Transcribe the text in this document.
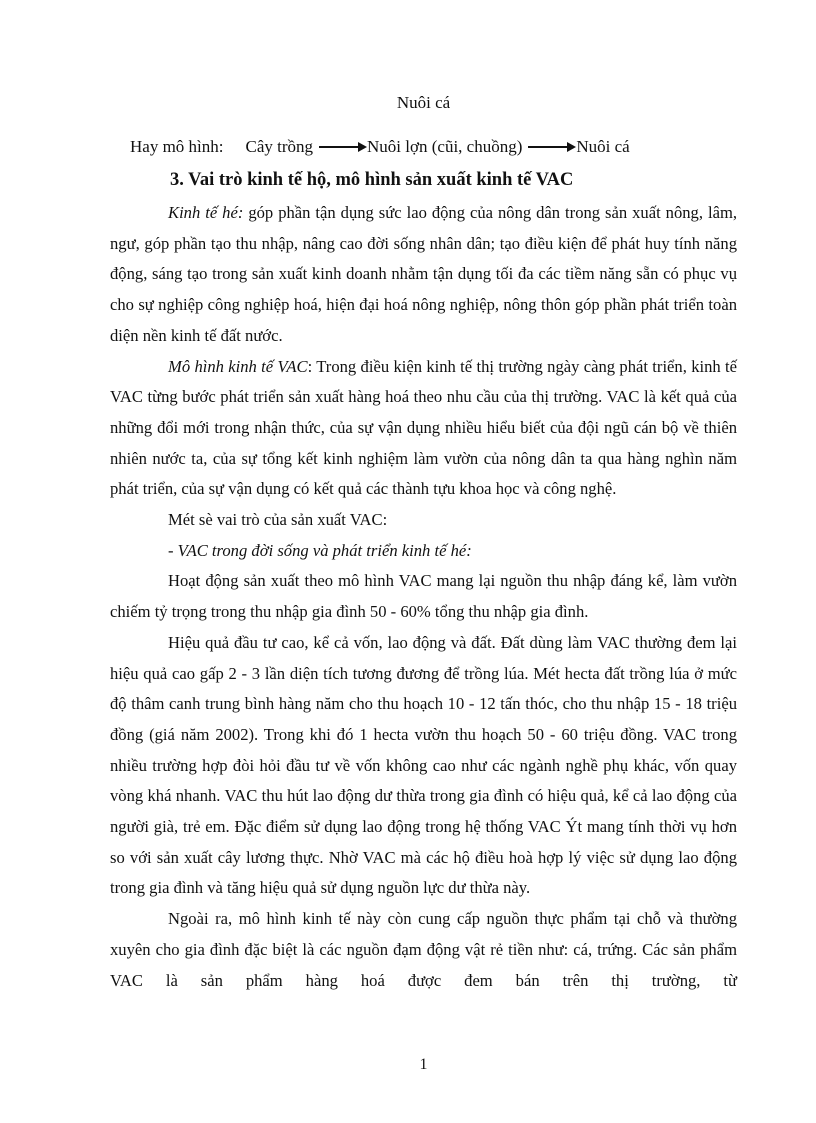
Nuôi cá
Hay mô hình: Cây trồng	Nuôi lợn (cũi, chuồng)	Nuôi cá
3. Vai trò kinh tế hộ, mô hình sản xuất kinh tế VAC

Kinh tế hé: góp phần tận dụng sức lao động của nông dân trong sản xuất nông, lâm, ngư, góp phần tạo thu nhập, nâng cao đời sống nhân dân; tạo điều kiện để phát huy tính năng động, sáng tạo trong sản xuất kinh doanh nhằm tận dụng tối đa các tiềm năng sẵn có phục vụ cho sự nghiệp công nghiệp hoá, hiện đại hoá nông nghiệp, nông thôn góp phần phát triển toàn diện nền kinh tế đất nước.

Mô hình kinh tế VAC: Trong điều kiện kinh tế thị trường ngày càng phát triển, kinh tế VAC từng bước phát triển sản xuất hàng hoá theo nhu cầu của thị trường. VAC là kết quả của những đổi mới trong nhận thức, của sự vận dụng nhiều hiểu biết của đội ngũ cán bộ về thiên nhiên nước ta, của sự tổng kết kinh nghiệm làm vườn của nông dân ta qua hàng nghìn năm phát triển, của sự vận dụng có kết quả các thành tựu khoa học và công nghệ.

Mét sè vai trò của sản xuất VAC:

- VAC trong đời sống và phát triển kinh tế hé:

Hoạt động sản xuất theo mô hình VAC mang lại nguồn thu nhập đáng kể, làm vườn chiếm tỷ trọng trong thu nhập gia đình 50 - 60% tổng thu nhập gia đình.

Hiệu quả đầu tư cao, kể cả vốn, lao động và đất. Đất dùng làm VAC thường đem lại hiệu quả cao gấp 2 - 3 lần diện tích tương đương để trồng lúa. Mét hecta đất trồng lúa ở mức độ thâm canh trung bình hàng năm cho thu hoạch 10 - 12 tấn thóc, cho thu nhập 15 - 18 triệu đồng (giá năm 2002). Trong khi đó 1 hecta vườn thu hoạch 50 - 60 triệu đồng. VAC trong nhiều trường hợp đòi hỏi đầu tư về vốn không cao như các ngành nghề phụ khác, vốn quay vòng khá nhanh. VAC thu hút lao động dư thừa trong gia đình có hiệu quả, kể cả lao động của người già, trẻ em. Đặc điểm sử dụng lao động trong hệ thống VAC Ýt mang tính thời vụ hơn so với sản xuất cây lương thực. Nhờ VAC mà các hộ điều hoà hợp lý việc sử dụng lao động trong gia đình và tăng hiệu quả sử dụng nguồn lực dư thừa này.

Ngoài ra, mô hình kinh tế này còn cung cấp nguồn thực phẩm tại chỗ và thường xuyên cho gia đình đặc biệt là các nguồn đạm động vật rẻ tiền như: cá, trứng. Các sản phẩm VAC là sản phẩm hàng hoá được đem bán trên thị trường, từ

1
